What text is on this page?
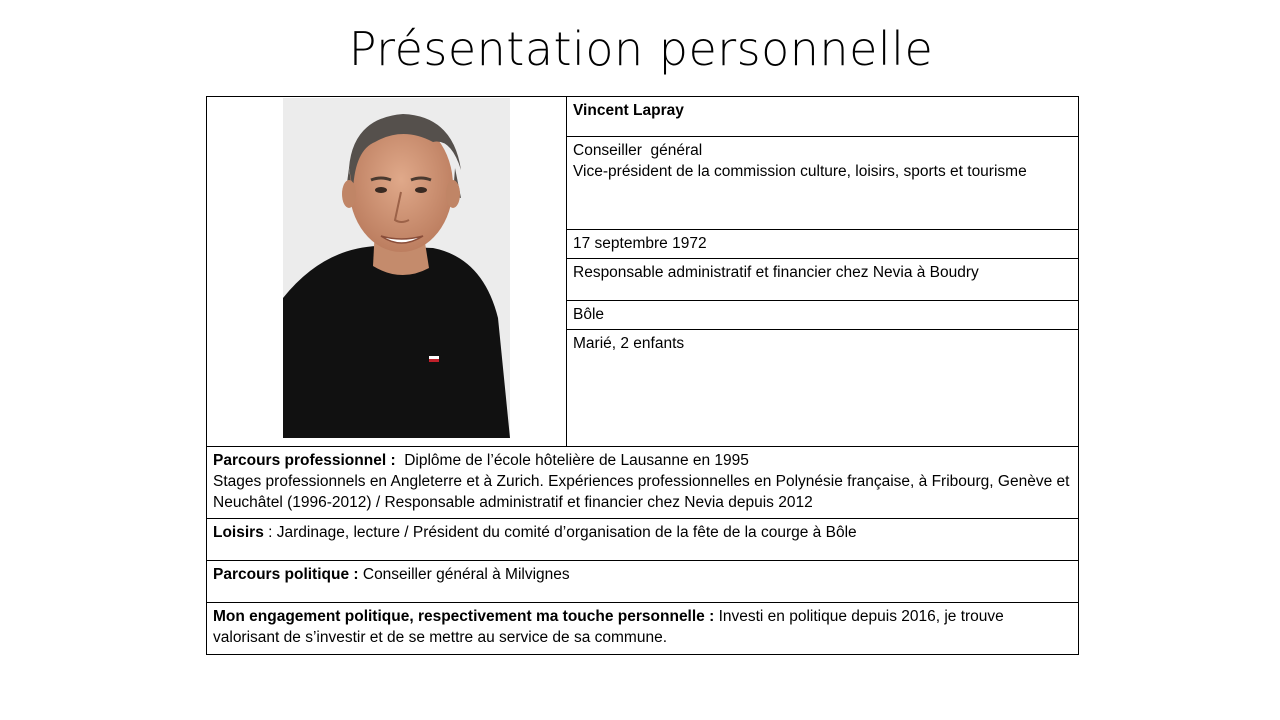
Présentation personnelle
	Vincent Lapray

Conseiller  général
Vice-président de la commission culture, loisirs, sports et tourisme

17 septembre 1972
Responsable administratif et financier chez Nevia à Boudry
Bôle
Marié, 2 enfants
Parcours professionnel :  Diplôme de l’école hôtelière de Lausanne en 1995
Stages professionnels en Angleterre et à Zurich. Expériences professionnelles en Polynésie française, à Fribourg, Genève et Neuchâtel (1996-2012) / Responsable administratif et financier chez Nevia depuis 2012
Loisirs : Jardinage, lecture / Président du comité d’organisation de la fête de la courge à Bôle
Parcours politique : Conseiller général à Milvignes
Mon engagement politique, respectivement ma touche personnelle : Investi en politique depuis 2016, je trouve valorisant de s’investir et de se mettre au service de sa commune.
